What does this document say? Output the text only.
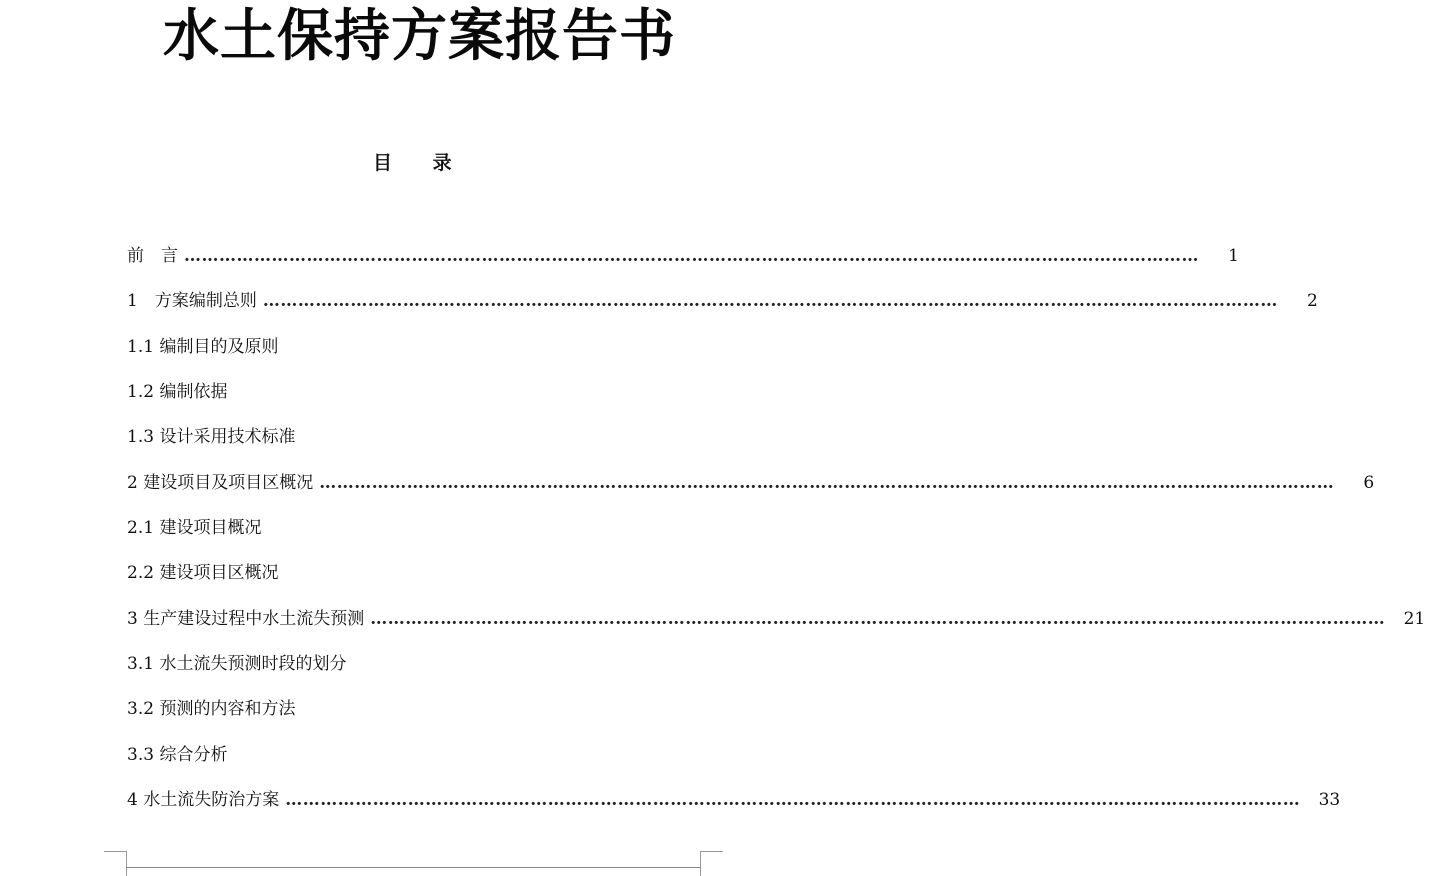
水土保持方案报告书
目 录
前　言 …………………………………………………………………………………………………………………………………………………………	1
1　方案编制总则 …………………………………………………………………………………………………………………………………………………………	2
1.1 编制目的及原则
1.2 编制依据
1.3 设计采用技术标准
2 建设项目及项目区概况 …………………………………………………………………………………………………………………………………………………………	6
2.1 建设项目概况
2.2 建设项目区概况
3 生产建设过程中水土流失预测 …………………………………………………………………………………………………………………………………………………………	21
3.1 水土流失预测时段的划分
3.2 预测的内容和方法
3.3 综合分析
4 水土流失防治方案 …………………………………………………………………………………………………………………………………………………………	33
